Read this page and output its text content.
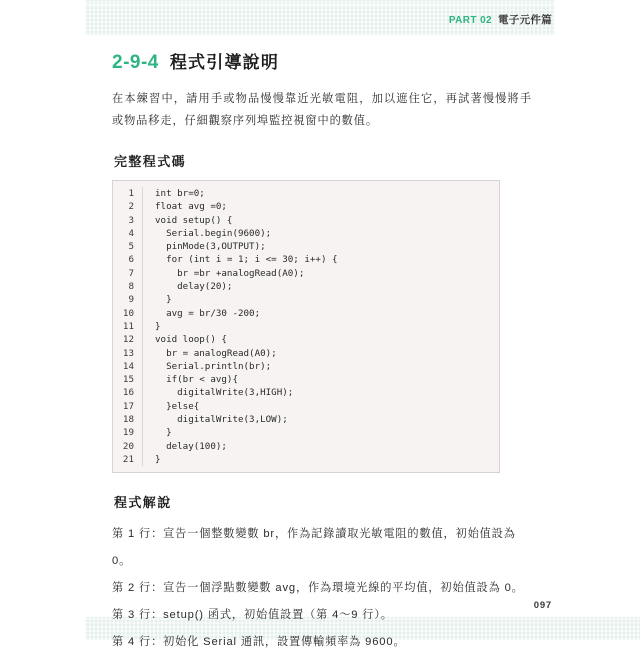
PART 02 電子元件篇
2-9-4 程式引導說明

在本練習中，請用手或物品慢慢靠近光敏電阻，加以遮住它，再試著慢慢將手或物品移走，仔細觀察序列埠監控視窗中的數值。

完整程式碼
1	int br=0;
2	float avg =0;
3	void setup() {
4	Serial.begin(9600);
5	pinMode(3,OUTPUT);
6	for (int i = 1; i <= 30; i++) {
7	br =br +analogRead(A0);
8	delay(20);
9	}
10	avg = br/30 -200;
11	}
12	void loop() {
13	br = analogRead(A0);
14	Serial.println(br);
15	if(br < avg){
16	digitalWrite(3,HIGH);
17	}else{
18	digitalWrite(3,LOW);
19	}
20	delay(100);
21	}
程式解說
第 1 行：宣告一個整數變數 br，作為記錄讀取光敏電阻的數值，初始值設為 0。
第 2 行：宣告一個浮點數變數 avg，作為環境光線的平均值，初始值設為 0。
第 3 行：setup() 函式，初始值設置（第 4～9 行）。
第 4 行：初始化 Serial 通訊，設置傳輸頻率為 9600。
097
